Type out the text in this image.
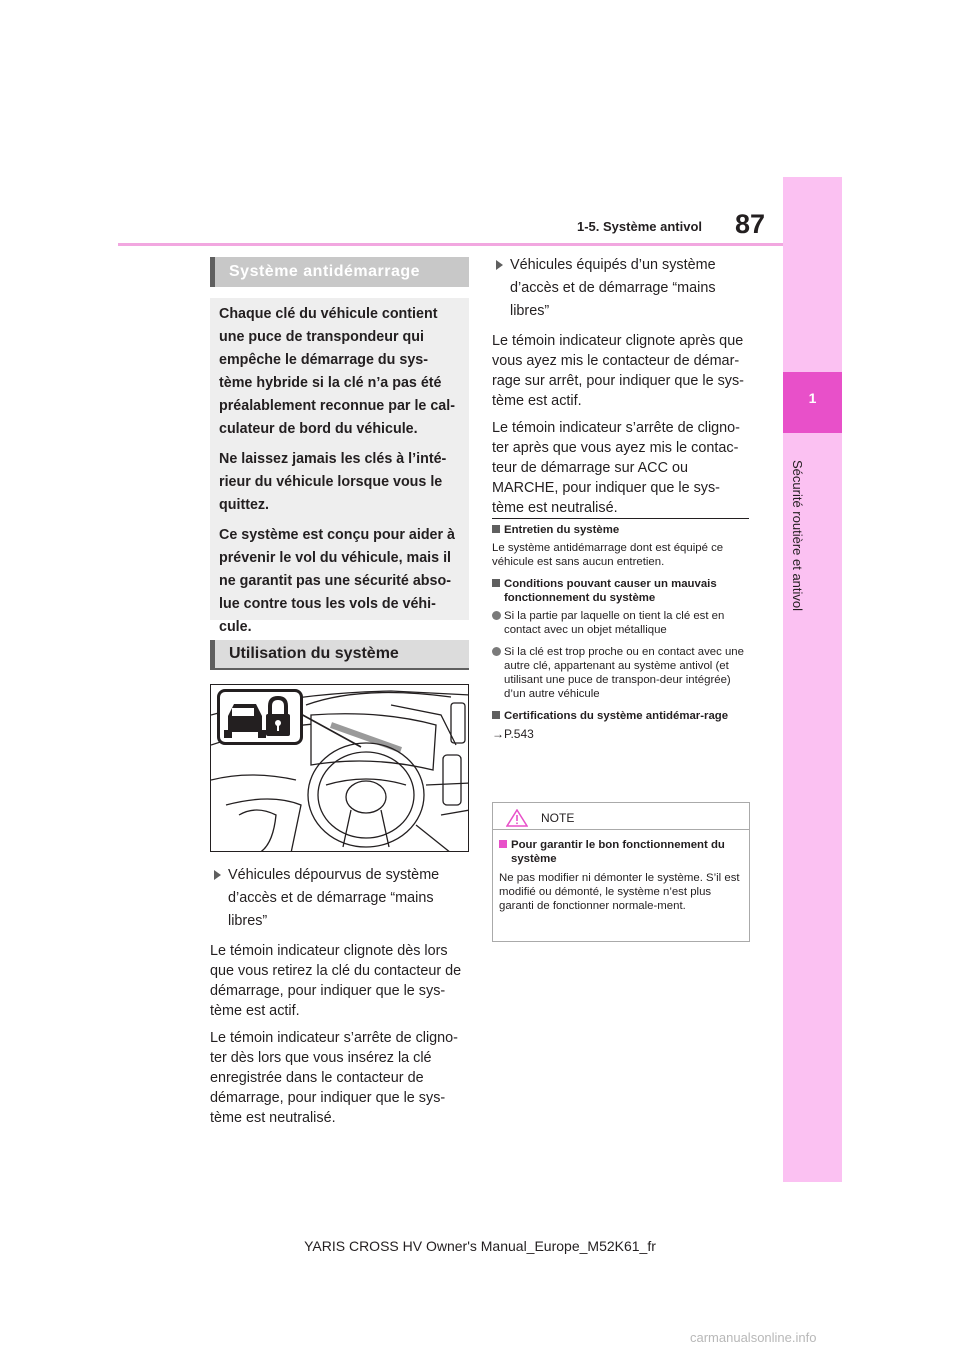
1-5. Système antivol	87
1
Sécurité routière et antivol
Système antidémarrage

Chaque clé du véhicule contient une puce de transpondeur qui empêche le démarrage du sys-tème hybride si la clé n’a pas été préalablement reconnue par le cal-culateur de bord du véhicule.

Ne laissez jamais les clés à l’inté-rieur du véhicule lorsque vous le quittez.

Ce système est conçu pour aider à prévenir le vol du véhicule, mais il ne garantit pas une sécurité abso-lue contre tous les vols de véhi-cule.

Utilisation du système
Véhicules dépourvus de système d’accès et de démarrage “mains libres”

Le témoin indicateur clignote dès lors que vous retirez la clé du contacteur de démarrage, pour indiquer que le sys-tème est actif.

Le témoin indicateur s’arrête de cligno-ter dès lors que vous insérez la clé enregistrée dans le contacteur de démarrage, pour indiquer que le sys-tème est neutralisé.

Véhicules équipés d’un système d’accès et de démarrage “mains libres”

Le témoin indicateur clignote après que vous ayez mis le contacteur de démar-rage sur arrêt, pour indiquer que le sys-tème est actif.

Le témoin indicateur s’arrête de cligno-ter après que vous ayez mis le contac-teur de démarrage sur ACC ou MARCHE, pour indiquer que le sys-tème est neutralisé.

Entretien du système
Le système antidémarrage dont est équipé ce véhicule est sans aucun entretien.
Conditions pouvant causer un mauvais fonctionnement du système
Si la partie par laquelle on tient la clé est en contact avec un objet métallique
Si la clé est trop proche ou en contact avec une autre clé, appartenant au système antivol (et utilisant une puce de transpon-deur intégrée) d’un autre véhicule
Certifications du système antidémar-rage
→P.543
NOTE
Pour garantir le bon fonctionnement du système
Ne pas modifier ni démonter le système. S’il est modifié ou démonté, le système n’est plus garanti de fonctionner normale-ment.
YARIS CROSS HV Owner's Manual_Europe_M52K61_fr
carmanualsonline.info
